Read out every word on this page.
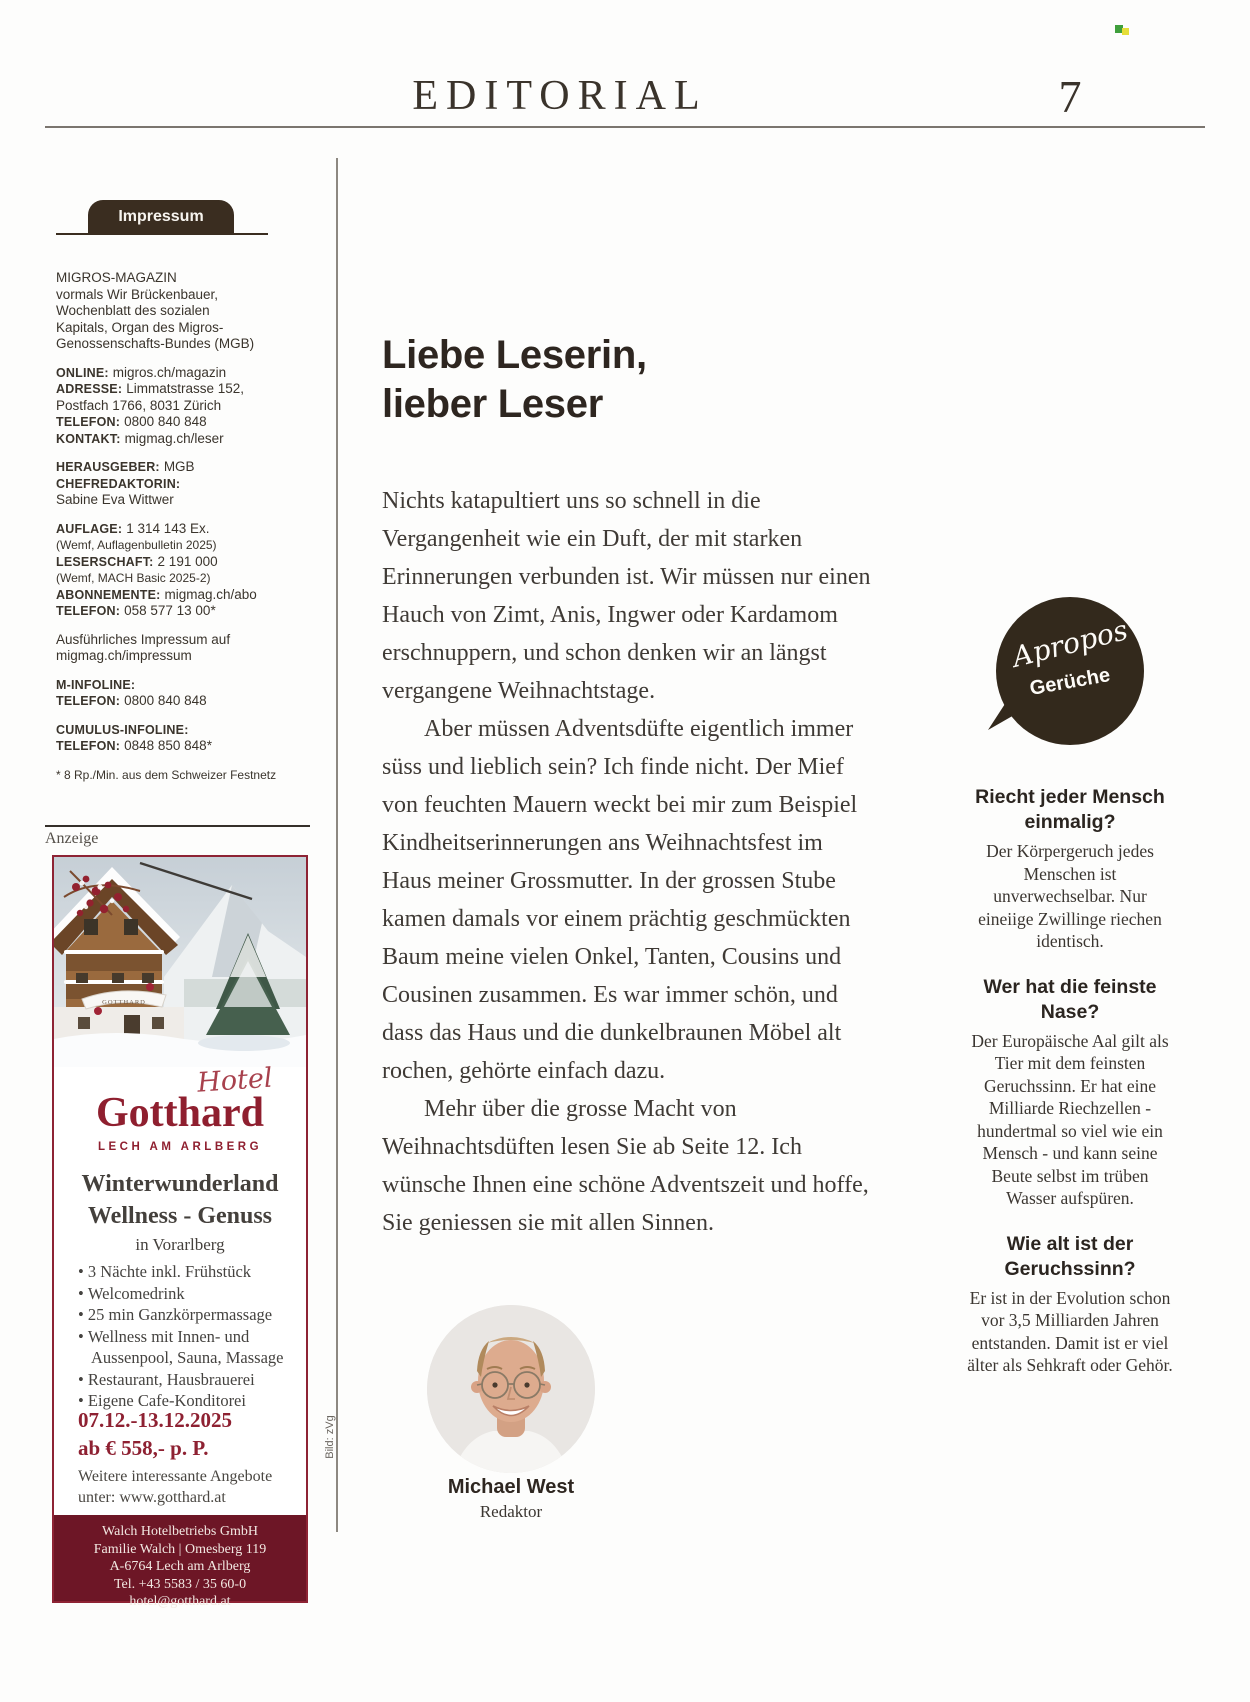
EDITORIAL	7
Impressum
MIGROS-MAGAZIN
vormals Wir Brückenbauer,
Wochenblatt des sozialen
Kapitals, Organ des Migros-
Genossenschafts-Bundes (MGB)
ONLINE: migros.ch/magazin
ADRESSE: Limmatstrasse 152,
Postfach 1766, 8031 Zürich
TELEFON: 0800 840 848
KONTAKT: migmag.ch/leser
HERAUSGEBER: MGB
CHEFREDAKTORIN:
Sabine Eva Wittwer
AUFLAGE: 1 314 143 Ex.
(Wemf, Auflagenbulletin 2025)
LESERSCHAFT: 2 191 000
(Wemf, MACH Basic 2025-2)
ABONNEMENTE: migmag.ch/abo
TELEFON: 058 577 13 00*
Ausführliches Impressum auf
migmag.ch/impressum
M-INFOLINE:
TELEFON: 0800 840 848
CUMULUS-INFOLINE:
TELEFON: 0848 850 848*
* 8 Rp./Min. aus dem Schweizer Festnetz
Anzeige
GOTTHARD
Hotel
Gotthard
LECH AM ARLBERG
Winterwunderland
Wellness - Genuss
in Vorarlberg
• 3 Nächte inkl. Frühstück
• Welcomedrink
• 25 min Ganzkörpermassage
• Wellness mit Innen- und Aussenpool, Sauna, Massage
• Restaurant, Hausbrauerei
• Eigene Cafe-Konditorei
07.12.-13.12.2025
ab € 558,- p. P.
Weitere interessante Angebote
unter: www.gotthard.at
Walch Hotelbetriebs GmbH
Familie Walch | Omesberg 119
A-6764 Lech am Arlberg
Tel. +43 5583 / 35 60-0
hotel@gotthard.at
Liebe Leserin,
lieber Leser

Nichts katapultiert uns so schnell in die Vergangenheit wie ein Duft, der mit starken Erinnerungen verbunden ist. Wir müssen nur einen Hauch von Zimt, Anis, Ingwer oder Kardamom erschnuppern, und schon denken wir an längst vergangene Weihnachtstage.

Aber müssen Adventsdüfte eigentlich immer süss und lieblich sein? Ich finde nicht. Der Mief von feuchten Mauern weckt bei mir zum Beispiel Kindheitserinnerungen ans Weihnachtsfest im Haus meiner Grossmutter. In der grossen Stube kamen damals vor einem prächtig geschmückten Baum meine vielen Onkel, Tanten, Cousins und Cousinen zusammen. Es war immer schön, und dass das Haus und die dunkelbraunen Möbel alt rochen, gehörte einfach dazu.

Mehr über die grosse Macht von Weihnachtsdüften lesen Sie ab Seite 12. Ich wünsche Ihnen eine schöne Adventszeit und hoffe, Sie geniessen sie mit allen Sinnen.

Bild: zVg
Michael West
Redaktor
Apropos
Gerüche
Riecht jeder Mensch einmalig?
Der Körpergeruch jedes Menschen ist unverwechselbar. Nur eineiige Zwillinge riechen identisch.
Wer hat die feinste Nase?
Der Europäische Aal gilt als Tier mit dem feinsten Geruchssinn. Er hat eine Milliarde Riechzellen - hundertmal so viel wie ein Mensch - und kann seine Beute selbst im trüben Wasser aufspüren.
Wie alt ist der Geruchssinn?
Er ist in der Evolution schon vor 3,5 Milliarden Jahren entstanden. Damit ist er viel älter als Sehkraft oder Gehör.
